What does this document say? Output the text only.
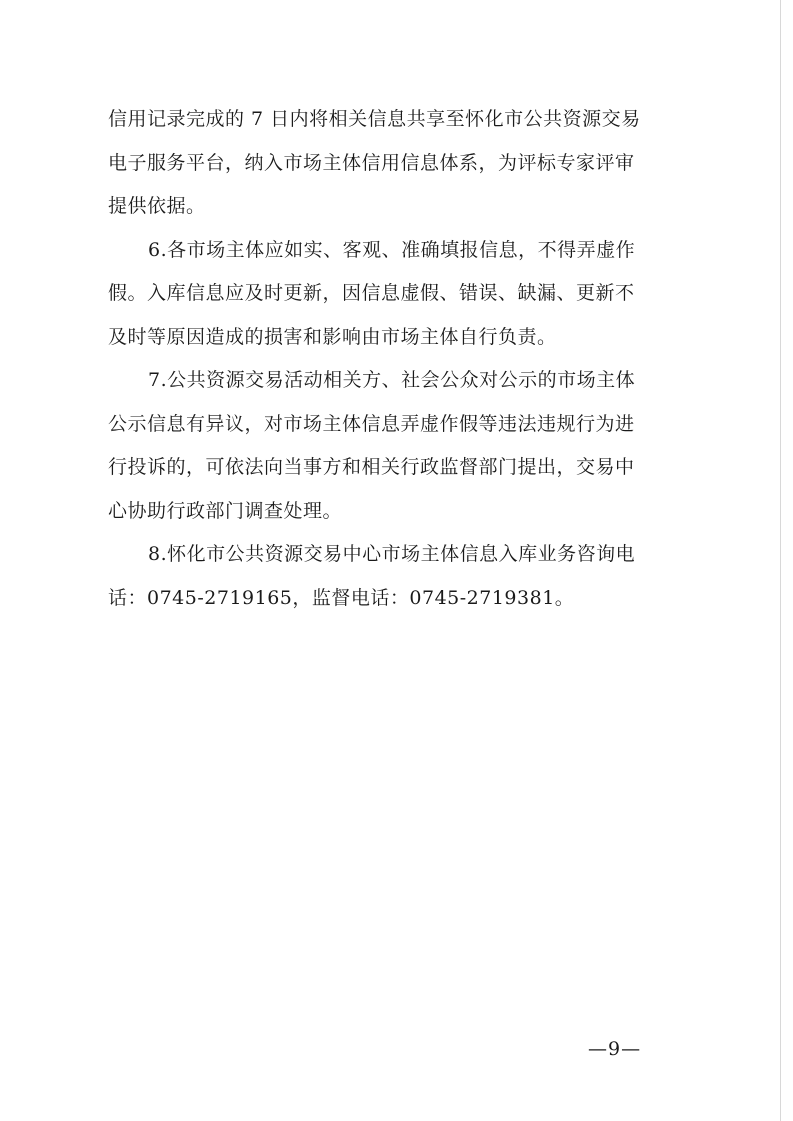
信用记录完成的 7 日内将相关信息共享至怀化市公共资源交易
电子服务平台，纳入市场主体信用信息体系，为评标专家评审
提供依据。
6.各市场主体应如实、客观、准确填报信息，不得弄虚作
假。入库信息应及时更新，因信息虚假、错误、缺漏、更新不
及时等原因造成的损害和影响由市场主体自行负责。
7.公共资源交易活动相关方、社会公众对公示的市场主体
公示信息有异议，对市场主体信息弄虚作假等违法违规行为进
行投诉的，可依法向当事方和相关行政监督部门提出，交易中
心协助行政部门调查处理。
8.怀化市公共资源交易中心市场主体信息入库业务咨询电
话：0745-2719165，监督电话：0745-2719381。
—9—
